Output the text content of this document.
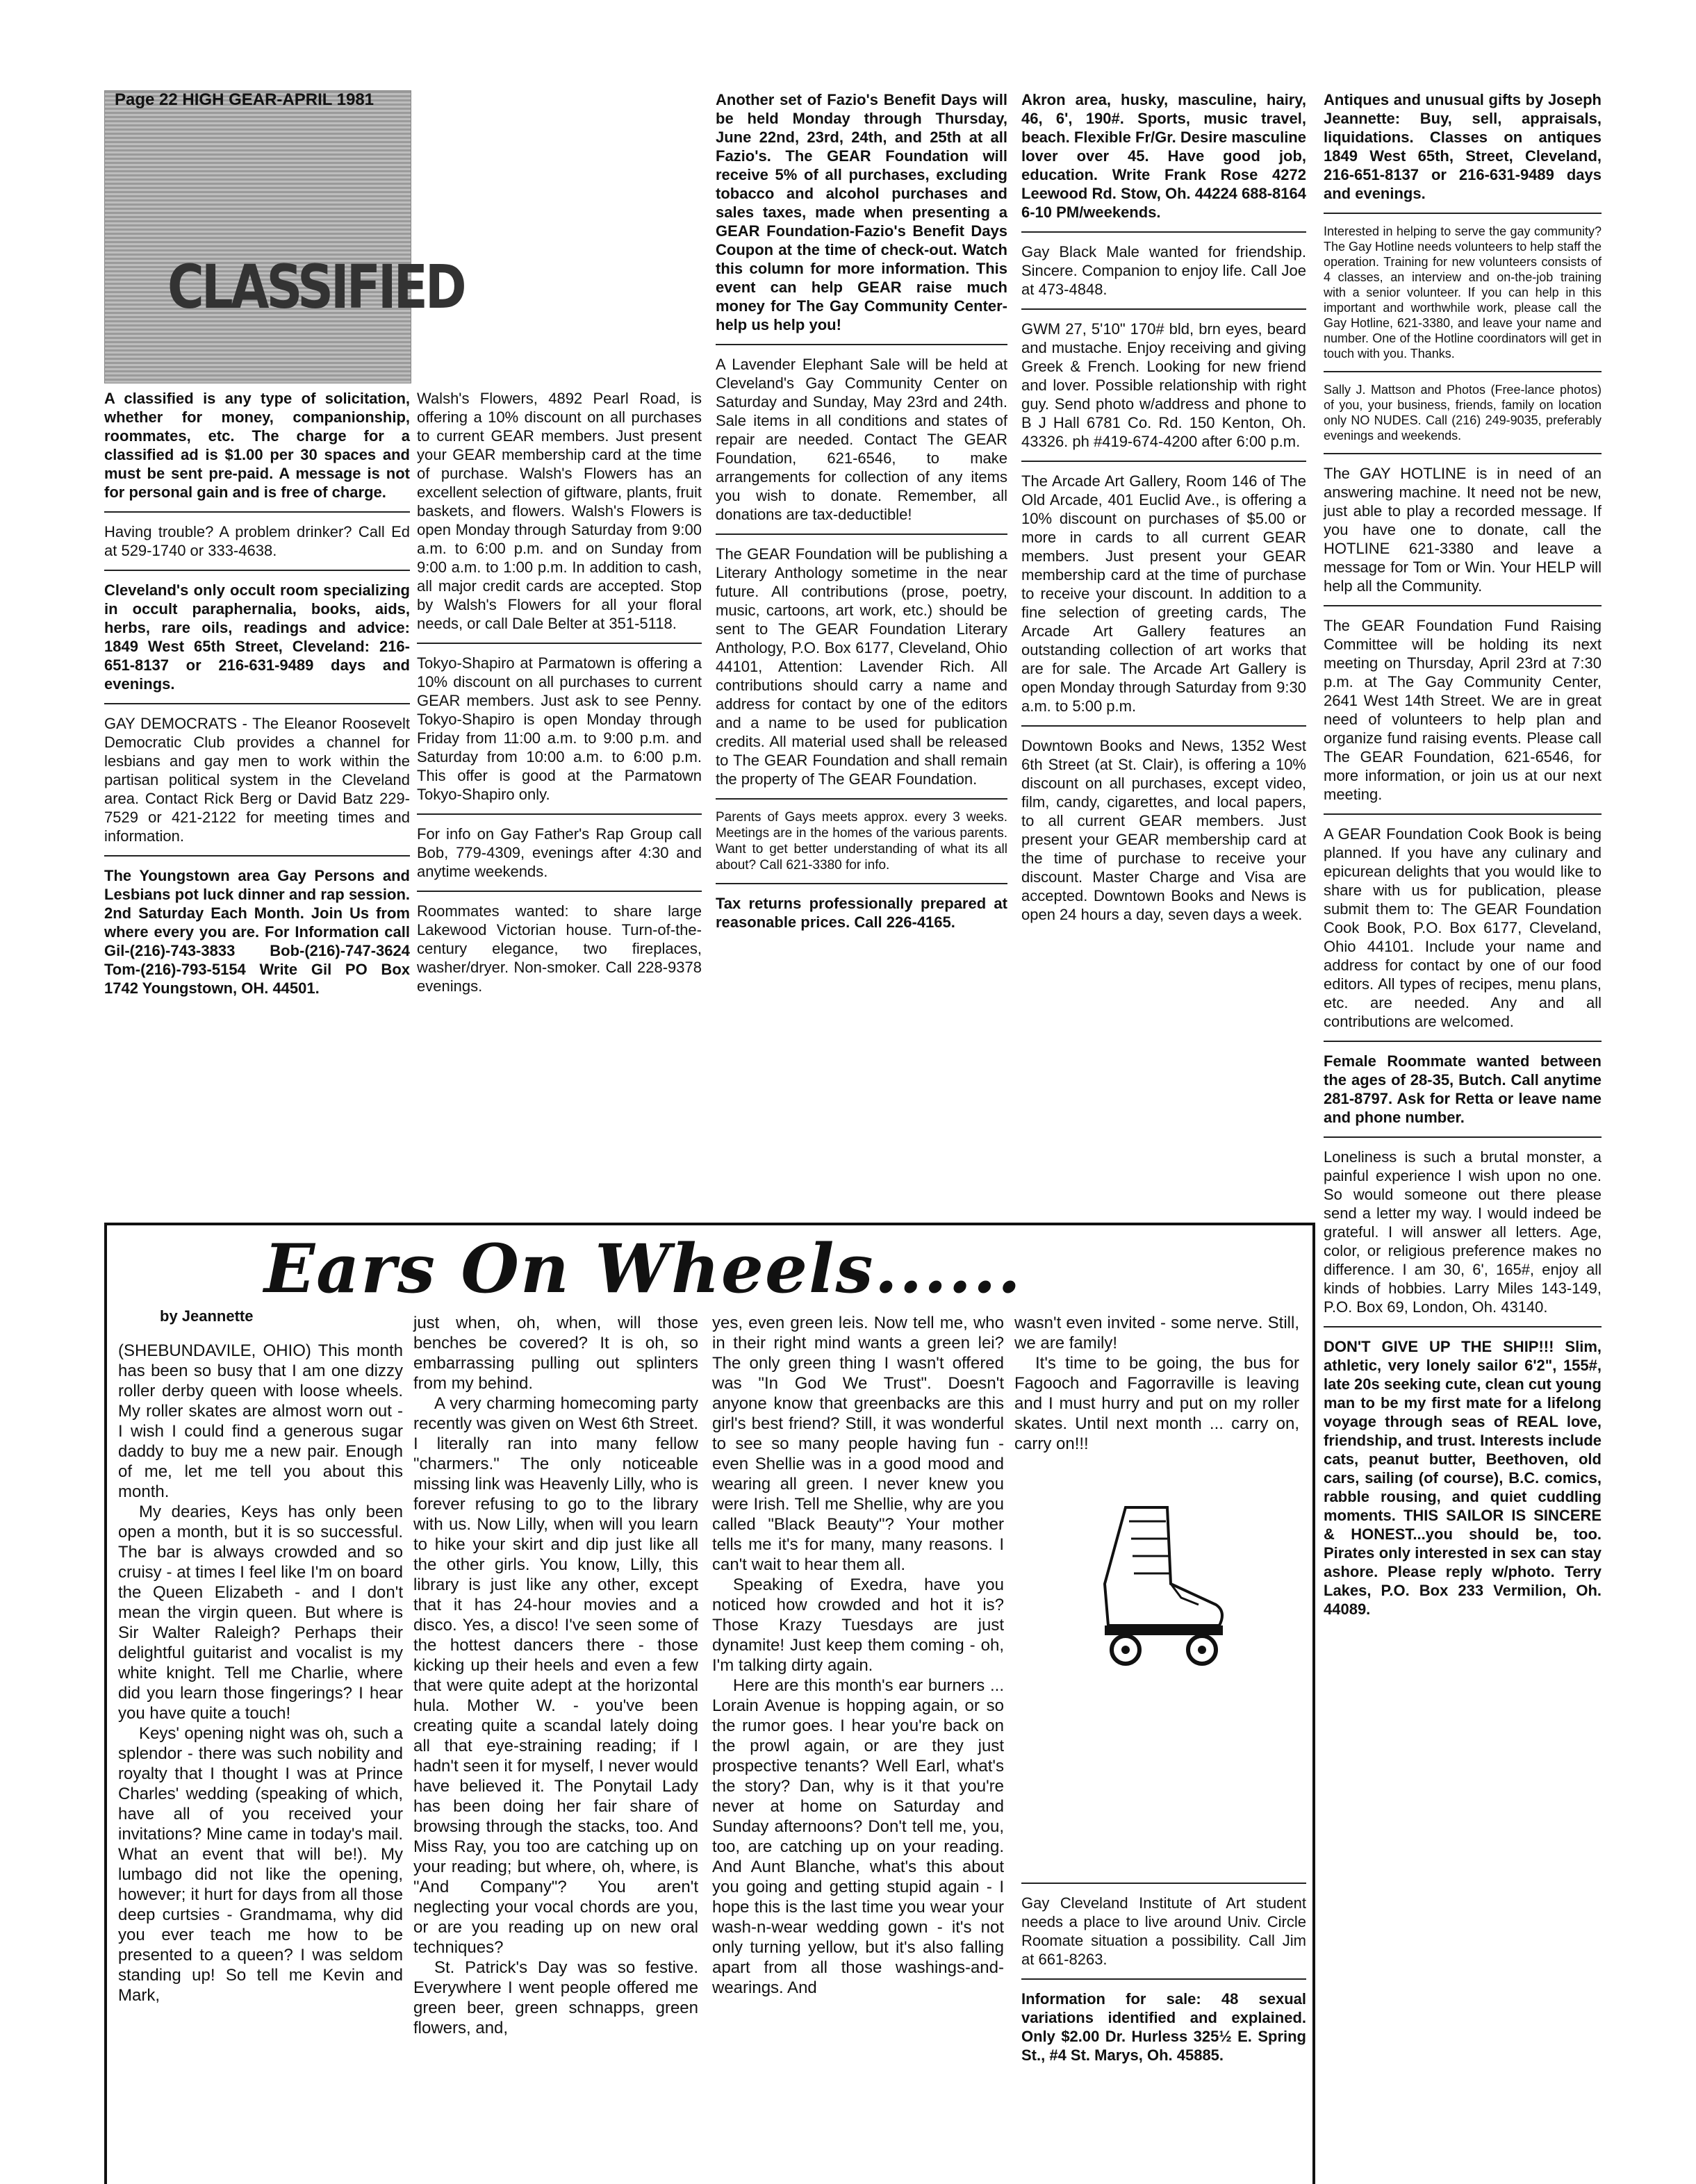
CLASSIFIED
Page 22 HIGH GEAR-APRIL 1981

A classified is any type of solicitation, whether for money, companionship, roommates, etc. The charge for a classified ad is $1.00 per 30 spaces and must be sent pre-paid. A message is not for personal gain and is free of charge.

Having trouble? A problem drinker? Call Ed at 529-1740 or 333-4638.

Cleveland's only occult room specializing in occult paraphernalia, books, aids, herbs, rare oils, readings and advice: 1849 West 65th Street, Cleveland: 216-651-8137 or 216-631-9489 days and evenings.

GAY DEMOCRATS - The Eleanor Roosevelt Democratic Club provides a channel for lesbians and gay men to work within the partisan political system in the Cleveland area. Contact Rick Berg or David Batz 229-7529 or 421-2122 for meeting times and information.

The Youngstown area Gay Persons and Lesbians pot luck dinner and rap session. 2nd Saturday Each Month. Join Us from where every you are. For Information call Gil-(216)-743-3833 Bob-(216)-747-3624 Tom-(216)-793-5154 Write Gil PO Box 1742 Youngstown, OH. 44501.

Walsh's Flowers, 4892 Pearl Road, is offering a 10% discount on all purchases to current GEAR members. Just present your GEAR membership card at the time of purchase. Walsh's Flowers has an excellent selection of giftware, plants, fruit baskets, and flowers. Walsh's Flowers is open Monday through Saturday from 9:00 a.m. to 6:00 p.m. and on Sunday from 9:00 a.m. to 1:00 p.m. In addition to cash, all major credit cards are accepted. Stop by Walsh's Flowers for all your floral needs, or call Dale Belter at 351-5118.

Tokyo-Shapiro at Parmatown is offering a 10% discount on all purchases to current GEAR members. Just ask to see Penny. Tokyo-Shapiro is open Monday through Friday from 11:00 a.m. to 9:00 p.m. and Saturday from 10:00 a.m. to 6:00 p.m. This offer is good at the Parmatown Tokyo-Shapiro only.

For info on Gay Father's Rap Group call Bob, 779-4309, evenings after 4:30 and anytime weekends.

Roommates wanted: to share large Lakewood Victorian house. Turn-of-the-century elegance, two fireplaces, washer/dryer. Non-smoker. Call 228-9378 evenings.

Another set of Fazio's Benefit Days will be held Monday through Thursday, June 22nd, 23rd, 24th, and 25th at all Fazio's. The GEAR Foundation will receive 5% of all purchases, excluding tobacco and alcohol purchases and sales taxes, made when presenting a GEAR Foundation-Fazio's Benefit Days Coupon at the time of check-out. Watch this column for more information. This event can help GEAR raise much money for The Gay Community Center-help us help you!

A Lavender Elephant Sale will be held at Cleveland's Gay Community Center on Saturday and Sunday, May 23rd and 24th. Sale items in all conditions and states of repair are needed. Contact The GEAR Foundation, 621-6546, to make arrangements for collection of any items you wish to donate. Remember, all donations are tax-deductible!

The GEAR Foundation will be publishing a Literary Anthology sometime in the near future. All contributions (prose, poetry, music, cartoons, art work, etc.) should be sent to The GEAR Foundation Literary Anthology, P.O. Box 6177, Cleveland, Ohio 44101, Attention: Lavender Rich. All contributions should carry a name and address for contact by one of the editors and a name to be used for publication credits. All material used shall be released to The GEAR Foundation and shall remain the property of The GEAR Foundation.

Parents of Gays meets approx. every 3 weeks. Meetings are in the homes of the various parents. Want to get better understanding of what its all about? Call 621-3380 for info.

Tax returns professionally prepared at reasonable prices. Call 226-4165.

Akron area, husky, masculine, hairy, 46, 6', 190#. Sports, music travel, beach. Flexible Fr/Gr. Desire masculine lover over 45. Have good job, education. Write Frank Rose 4272 Leewood Rd. Stow, Oh. 44224 688-8164 6-10 PM/weekends.

Gay Black Male wanted for friendship. Sincere. Companion to enjoy life. Call Joe at 473-4848.

GWM 27, 5'10" 170# bld, brn eyes, beard and mustache. Enjoy receiving and giving Greek & French. Looking for new friend and lover. Possible relationship with right guy. Send photo w/address and phone to B J Hall 6781 Co. Rd. 150 Kenton, Oh. 43326. ph #419-674-4200 after 6:00 p.m.

The Arcade Art Gallery, Room 146 of The Old Arcade, 401 Euclid Ave., is offering a 10% discount on purchases of $5.00 or more in cards to all current GEAR members. Just present your GEAR membership card at the time of purchase to receive your discount. In addition to a fine selection of greeting cards, The Arcade Art Gallery features an outstanding collection of art works that are for sale. The Arcade Art Gallery is open Monday through Saturday from 9:30 a.m. to 5:00 p.m.

Downtown Books and News, 1352 West 6th Street (at St. Clair), is offering a 10% discount on all purchases, except video, film, candy, cigarettes, and local papers, to all current GEAR members. Just present your GEAR membership card at the time of purchase to receive your discount. Master Charge and Visa are accepted. Downtown Books and News is open 24 hours a day, seven days a week.

Antiques and unusual gifts by Joseph Jeannette: Buy, sell, appraisals, liquidations. Classes on antiques 1849 West 65th, Street, Cleveland, 216-651-8137 or 216-631-9489 days and evenings.

Interested in helping to serve the gay community? The Gay Hotline needs volunteers to help staff the operation. Training for new volunteers consists of 4 classes, an interview and on-the-job training with a senior volunteer. If you can help in this important and worthwhile work, please call the Gay Hotline, 621-3380, and leave your name and number. One of the Hotline coordinators will get in touch with you. Thanks.

Sally J. Mattson and Photos (Free-lance photos) of you, your business, friends, family on location only NO NUDES. Call (216) 249-9035, preferably evenings and weekends.

The GAY HOTLINE is in need of an answering machine. It need not be new, just able to play a recorded message. If you have one to donate, call the HOTLINE 621-3380 and leave a message for Tom or Win. Your HELP will help all the Community.

The GEAR Foundation Fund Raising Committee will be holding its next meeting on Thursday, April 23rd at 7:30 p.m. at The Gay Community Center, 2641 West 14th Street. We are in great need of volunteers to help plan and organize fund raising events. Please call The GEAR Foundation, 621-6546, for more information, or join us at our next meeting.

A GEAR Foundation Cook Book is being planned. If you have any culinary and epicurean delights that you would like to share with us for publication, please submit them to: The GEAR Foundation Cook Book, P.O. Box 6177, Cleveland, Ohio 44101. Include your name and address for contact by one of our food editors. All types of recipes, menu plans, etc. are needed. Any and all contributions are welcomed.

Female Roommate wanted between the ages of 28-35, Butch. Call anytime 281-8797. Ask for Retta or leave name and phone number.

Loneliness is such a brutal monster, a painful experience I wish upon no one. So would someone out there please send a letter my way. I would indeed be grateful. I will answer all letters. Age, color, or religious preference makes no difference. I am 30, 6', 165#, enjoy all kinds of hobbies. Larry Miles 143-149, P.O. Box 69, London, Oh. 43140.

DON'T GIVE UP THE SHIP!!! Slim, athletic, very lonely sailor 6'2", 155#, late 20s seeking cute, clean cut young man to be my first mate for a lifelong voyage through seas of REAL love, friendship, and trust. Interests include cats, peanut butter, Beethoven, old cars, sailing (of course), B.C. comics, rabble rousing, and quiet cuddling moments. THIS SAILOR IS SINCERE & HONEST...you should be, too. Pirates only interested in sex can stay ashore. Please reply w/photo. Terry Lakes, P.O. Box 233 Vermilion, Oh. 44089.

Ears On Wheels......
by Jeannette

(SHEBUNDAVILE, OHIO) This month has been so busy that I am one dizzy roller derby queen with loose wheels. My roller skates are almost worn out - I wish I could find a generous sugar daddy to buy me a new pair. Enough of me, let me tell you about this month.

My dearies, Keys has only been open a month, but it is so successful. The bar is always crowded and so cruisy - at times I feel like I'm on board the Queen Elizabeth - and I don't mean the virgin queen. But where is Sir Walter Raleigh? Perhaps their delightful guitarist and vocalist is my white knight. Tell me Charlie, where did you learn those fingerings? I hear you have quite a touch!

Keys' opening night was oh, such a splendor - there was such nobility and royalty that I thought I was at Prince Charles' wedding (speaking of which, have all of you received your invitations? Mine came in today's mail. What an event that will be!). My lumbago did not like the opening, however; it hurt for days from all those deep curtsies - Grandmama, why did you ever teach me how to be presented to a queen? I was seldom standing up! So tell me Kevin and Mark,

just when, oh, when, will those benches be covered? It is oh, so embarrassing pulling out splinters from my behind.

A very charming homecoming party recently was given on West 6th Street. I literally ran into many fellow "charmers." The only noticeable missing link was Heavenly Lilly, who is forever refusing to go to the library with us. Now Lilly, when will you learn to hike your skirt and dip just like all the other girls. You know, Lilly, this library is just like any other, except that it has 24-hour movies and a disco. Yes, a disco! I've seen some of the hottest dancers there - those kicking up their heels and even a few that were quite adept at the horizontal hula. Mother W. - you've been creating quite a scandal lately doing all that eye-straining reading; if I hadn't seen it for myself, I never would have believed it. The Ponytail Lady has been doing her fair share of browsing through the stacks, too. And Miss Ray, you too are catching up on your reading; but where, oh, where, is "And Company"? You aren't neglecting your vocal chords are you, or are you reading up on new oral techniques?

St. Patrick's Day was so festive. Everywhere I went people offered me green beer, green schnapps, green flowers, and,

yes, even green leis. Now tell me, who in their right mind wants a green lei? The only green thing I wasn't offered was "In God We Trust". Doesn't anyone know that greenbacks are this girl's best friend? Still, it was wonderful to see so many people having fun - even Shellie was in a good mood and wearing all green. I never knew you were Irish. Tell me Shellie, why are you called "Black Beauty"? Your mother tells me it's for many, many reasons. I can't wait to hear them all.

Speaking of Exedra, have you noticed how crowded and hot it is? Those Krazy Tuesdays are just dynamite! Just keep them coming - oh, I'm talking dirty again.

Here are this month's ear burners ... Lorain Avenue is hopping again, or so the rumor goes. I hear you're back on the prowl again, or are they just prospective tenants? Well Earl, what's the story? Dan, why is it that you're never at home on Saturday and Sunday afternoons? Don't tell me, you, too, are catching up on your reading. And Aunt Blanche, what's this about you going and getting stupid again - I hope this is the last time you wear your wash-n-wear wedding gown - it's not only turning yellow, but it's also falling apart from all those washings-and-wearings. And

wasn't even invited - some nerve. Still, we are family!

It's time to be going, the bus for Fagooch and Fagorraville is leaving and I must hurry and put on my roller skates. Until next month ... carry on, carry on!!!

Gay Cleveland Institute of Art student needs a place to live around Univ. Circle Roomate situation a possibility. Call Jim at 661-8263.

Information for sale: 48 sexual variations identified and explained. Only $2.00 Dr. Hurless 325½ E. Spring St., #4 St. Marys, Oh. 45885.
